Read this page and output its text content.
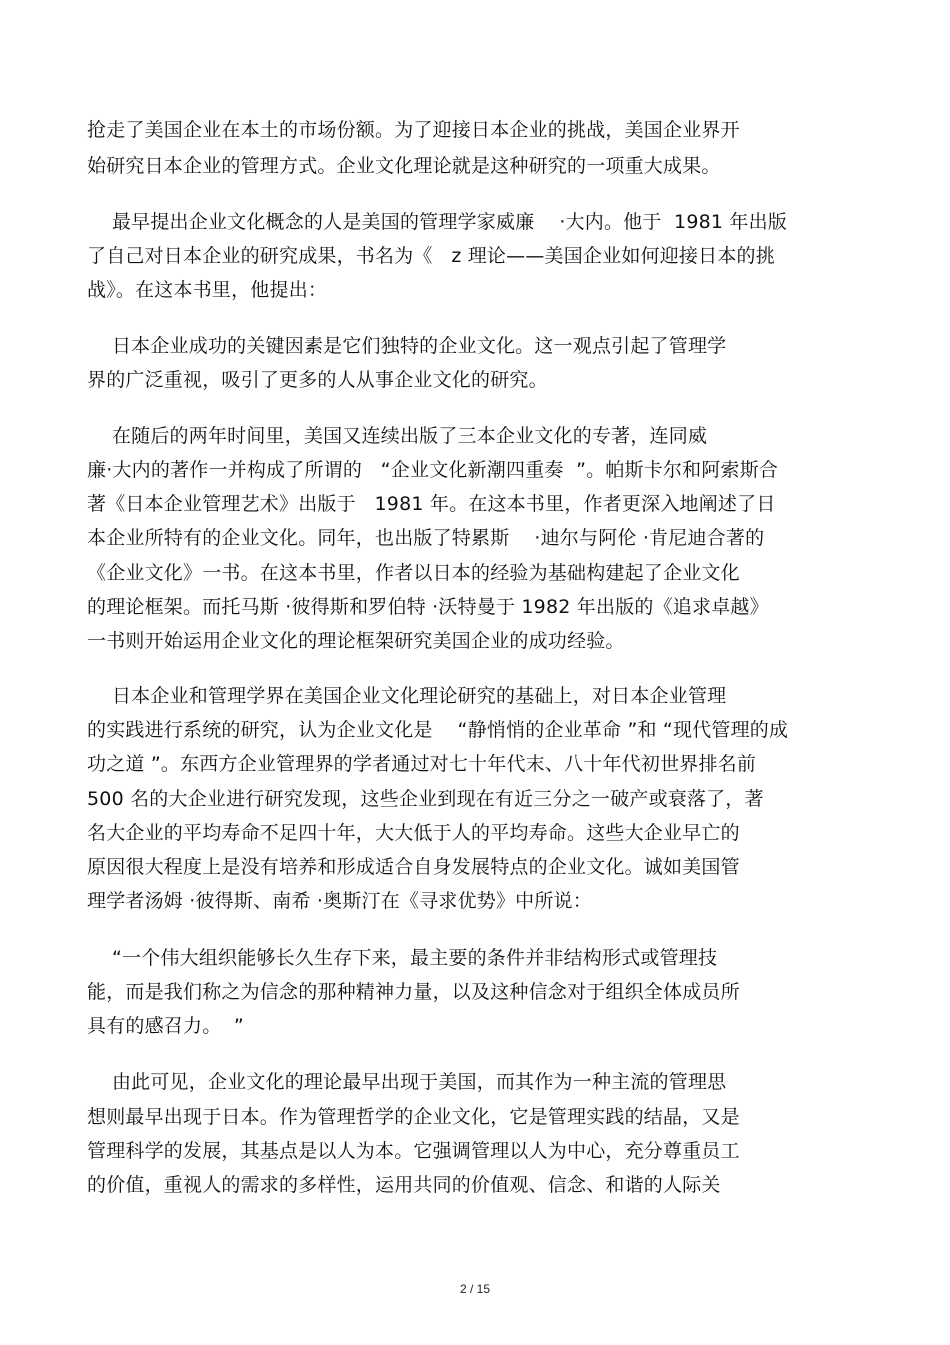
抢走了美国企业在本土的市场份额。为了迎接日本企业的挑战，美国企业界开
始研究日本企业的管理方式。企业文化理论就是这种研究的一项重大成果。
最早提出企业文化概念的人是美国的管理学家威廉    ·大内。他于  1981 年出版
了自己对日本企业的研究成果，书名为《   z 理论——美国企业如何迎接日本的挑
战》。在这本书里，他提出：
日本企业成功的关键因素是它们独特的企业文化。这一观点引起了管理学
界的广泛重视，吸引了更多的人从事企业文化的研究。
在随后的两年时间里，美国又连续出版了三本企业文化的专著，连同威
廉·大内的著作一并构成了所谓的   “企业文化新潮四重奏  ”。帕斯卡尔和阿索斯合
著《日本企业管理艺术》出版于   1981 年。在这本书里，作者更深入地阐述了日
本企业所特有的企业文化。同年，也出版了特累斯    ·迪尔与阿伦 ·肯尼迪合著的
《企业文化》一书。在这本书里，作者以日本的经验为基础构建起了企业文化
的理论框架。而托马斯 ·彼得斯和罗伯特 ·沃特曼于 1982 年出版的《追求卓越》
一书则开始运用企业文化的理论框架研究美国企业的成功经验。
日本企业和管理学界在美国企业文化理论研究的基础上，对日本企业管理
的实践进行系统的研究，认为企业文化是    “静悄悄的企业革命 ”和 “现代管理的成
功之道 ”。东西方企业管理界的学者通过对七十年代末、八十年代初世界排名前
500 名的大企业进行研究发现，这些企业到现在有近三分之一破产或衰落了，著
名大企业的平均寿命不足四十年，大大低于人的平均寿命。这些大企业早亡的
原因很大程度上是没有培养和形成适合自身发展特点的企业文化。诚如美国管
理学者汤姆 ·彼得斯、南希 ·奥斯汀在《寻求优势》中所说：
“一个伟大组织能够长久生存下来，最主要的条件并非结构形式或管理技
能，而是我们称之为信念的那种精神力量，以及这种信念对于组织全体成员所
具有的感召力。  ”
由此可见，企业文化的理论最早出现于美国，而其作为一种主流的管理思
想则最早出现于日本。作为管理哲学的企业文化，它是管理实践的结晶，又是
管理科学的发展，其基点是以人为本。它强调管理以人为中心，充分尊重员工
的价值，重视人的需求的多样性，运用共同的价值观、信念、和谐的人际关
2 / 15
